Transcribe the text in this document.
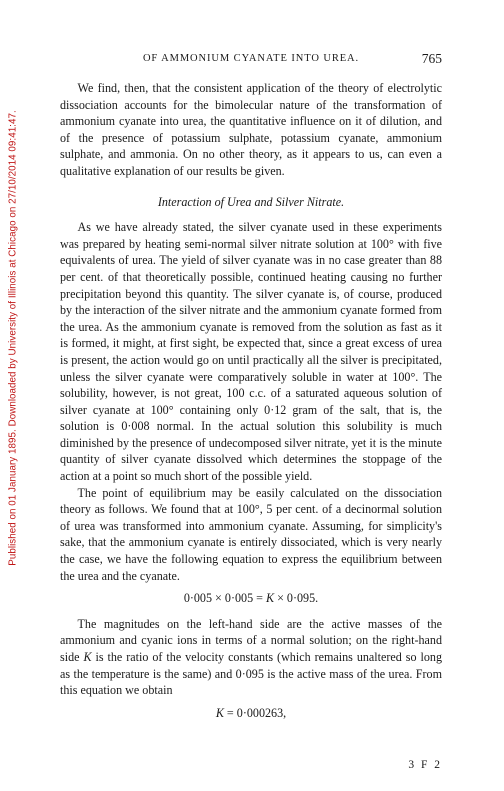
Published on 01 January 1895. Downloaded by University of Illinois at Chicago on 27/10/2014 09:41:47.
OF AMMONIUM CYANATE INTO UREA.	765

We find, then, that the consistent application of the theory of electrolytic dissociation accounts for the bimolecular nature of the transformation of ammonium cyanate into urea, the quantitative influence on it of dilution, and of the presence of potassium sulphate, potassium cyanate, ammonium sulphate, and ammonia. On no other theory, as it appears to us, can even a qualitative explanation of our results be given.

Interaction of Urea and Silver Nitrate.

As we have already stated, the silver cyanate used in these experiments was prepared by heating semi-normal silver nitrate solution at 100° with five equivalents of urea. The yield of silver cyanate was in no case greater than 88 per cent. of that theoretically possible, continued heating causing no further precipitation beyond this quantity. The silver cyanate is, of course, produced by the interaction of the silver nitrate and the ammonium cyanate formed from the urea. As the ammonium cyanate is removed from the solution as fast as it is formed, it might, at first sight, be expected that, since a great excess of urea is present, the action would go on until practically all the silver is precipitated, unless the silver cyanate were comparatively soluble in water at 100°. The solubility, however, is not great, 100 c.c. of a saturated aqueous solution of silver cyanate at 100° containing only 0·12 gram of the salt, that is, the solution is 0·008 normal. In the actual solution this solubility is much diminished by the presence of undecomposed silver nitrate, yet it is the minute quantity of silver cyanate dissolved which determines the stoppage of the action at a point so much short of the possible yield.

The point of equilibrium may be easily calculated on the dissociation theory as follows. We found that at 100°, 5 per cent. of a decinormal solution of urea was transformed into ammonium cyanate. Assuming, for simplicity's sake, that the ammonium cyanate is entirely dissociated, which is very nearly the case, we have the following equation to express the equilibrium between the urea and the cyanate.

0·005 × 0·005 = K × 0·095.

The magnitudes on the left-hand side are the active masses of the ammonium and cyanic ions in terms of a normal solution; on the right-hand side K is the ratio of the velocity constants (which remains unaltered so long as the temperature is the same) and 0·095 is the active mass of the urea. From this equation we obtain

K = 0·000263,
3 F 2
